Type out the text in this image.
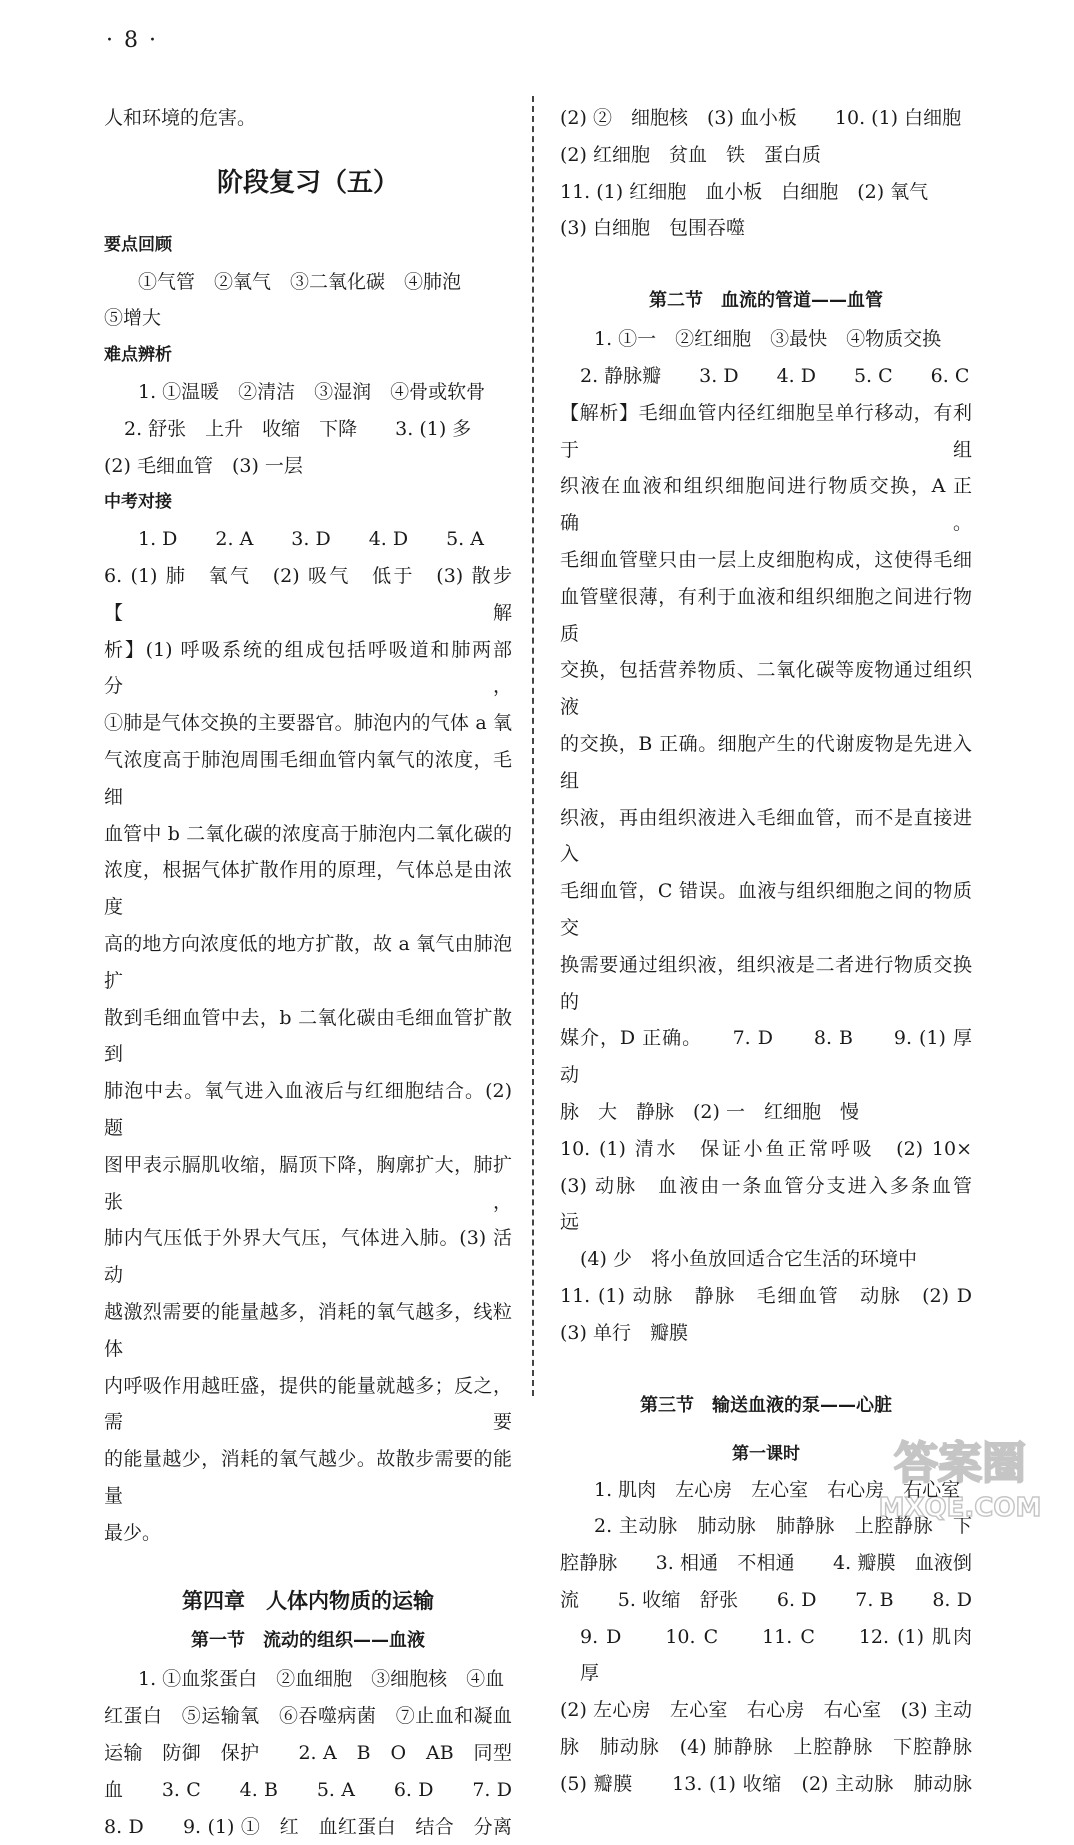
· 8 ·
人和环境的危害。
阶段复习（五）
要点回顾
①气管　②氧气　③二氧化碳　④肺泡
⑤增大
难点辨析
1. ①温暖　②清洁　③湿润　④骨或软骨
2. 舒张　上升　收缩　下降　　3. (1) 多
(2) 毛细血管　(3) 一层
中考对接
1. D　　2. A　　3. D　　4. D　　5. A
6. (1) 肺　氧气　(2) 吸气　低于　(3) 散步　【解
析】(1) 呼吸系统的组成包括呼吸道和肺两部分，
①肺是气体交换的主要器官。肺泡内的气体 a 氧
气浓度高于肺泡周围毛细血管内氧气的浓度，毛细
血管中 b 二氧化碳的浓度高于肺泡内二氧化碳的
浓度，根据气体扩散作用的原理，气体总是由浓度
高的地方向浓度低的地方扩散，故 a 氧气由肺泡扩
散到毛细血管中去，b 二氧化碳由毛细血管扩散到
肺泡中去。氧气进入血液后与红细胞结合。(2) 题
图甲表示膈肌收缩，膈顶下降，胸廓扩大，肺扩张，
肺内气压低于外界大气压，气体进入肺。(3) 活动
越激烈需要的能量越多，消耗的氧气越多，线粒体
内呼吸作用越旺盛，提供的能量就越多；反之，需要
的能量越少，消耗的氧气越少。故散步需要的能量
最少。
第四章　人体内物质的运输
第一节　流动的组织——血液
1. ①血浆蛋白　②血细胞　③细胞核　④血
红蛋白　⑤运输氧　⑥吞噬病菌　⑦止血和凝血
运输　防御　保护　　2. A　B　O　AB　同型
血　　3. C　　4. B　　5. A　　6. D　　7. D
8. D　　9. (1) ①　红　血红蛋白　结合　分离
(2) ②　细胞核　(3) 血小板　　10. (1) 白细胞
(2) 红细胞　贫血　铁　蛋白质
11. (1) 红细胞　血小板　白细胞　(2) 氧气
(3) 白细胞　包围吞噬
第二节　血流的管道——血管
1. ①一　②红细胞　③最快　④物质交换
2. 静脉瓣　　3. D　　4. D　　5. C　　6. C
【解析】毛细血管内径红细胞呈单行移动，有利于组
织液在血液和组织细胞间进行物质交换，A 正确。
毛细血管壁只由一层上皮细胞构成，这使得毛细
血管壁很薄，有利于血液和组织细胞之间进行物质
交换，包括营养物质、二氧化碳等废物通过组织液
的交换，B 正确。细胞产生的代谢废物是先进入组
织液，再由组织液进入毛细血管，而不是直接进入
毛细血管，C 错误。血液与组织细胞之间的物质交
换需要通过组织液，组织液是二者进行物质交换的
媒介，D 正确。　　7. D　　8. B　　9. (1) 厚　动
脉　大　静脉　(2) 一　红细胞　慢
10. (1) 清水　保证小鱼正常呼吸　(2) 10×
(3) 动脉　血液由一条血管分支进入多条血管　远
(4) 少　将小鱼放回适合它生活的环境中
11. (1) 动脉　静脉　毛细血管　动脉　(2) D
(3) 单行　瓣膜
第三节　输送血液的泵——心脏
第一课时
1. 肌肉　左心房　左心室　右心房　右心室
2. 主动脉　肺动脉　肺静脉　上腔静脉　下
腔静脉　　3. 相通　不相通　　4. 瓣膜　血液倒
流　　5. 收缩　舒张　　6. D　　7. B　　8. D
9. D　　10. C　　11. C　　12. (1) 肌肉　厚
(2) 左心房　左心室　右心房　右心室　(3) 主动
脉　肺动脉　(4) 肺静脉　上腔静脉　下腔静脉
(5) 瓣膜　　13. (1) 收缩　(2) 主动脉　肺动脉
答案圈
MXQE.COM
